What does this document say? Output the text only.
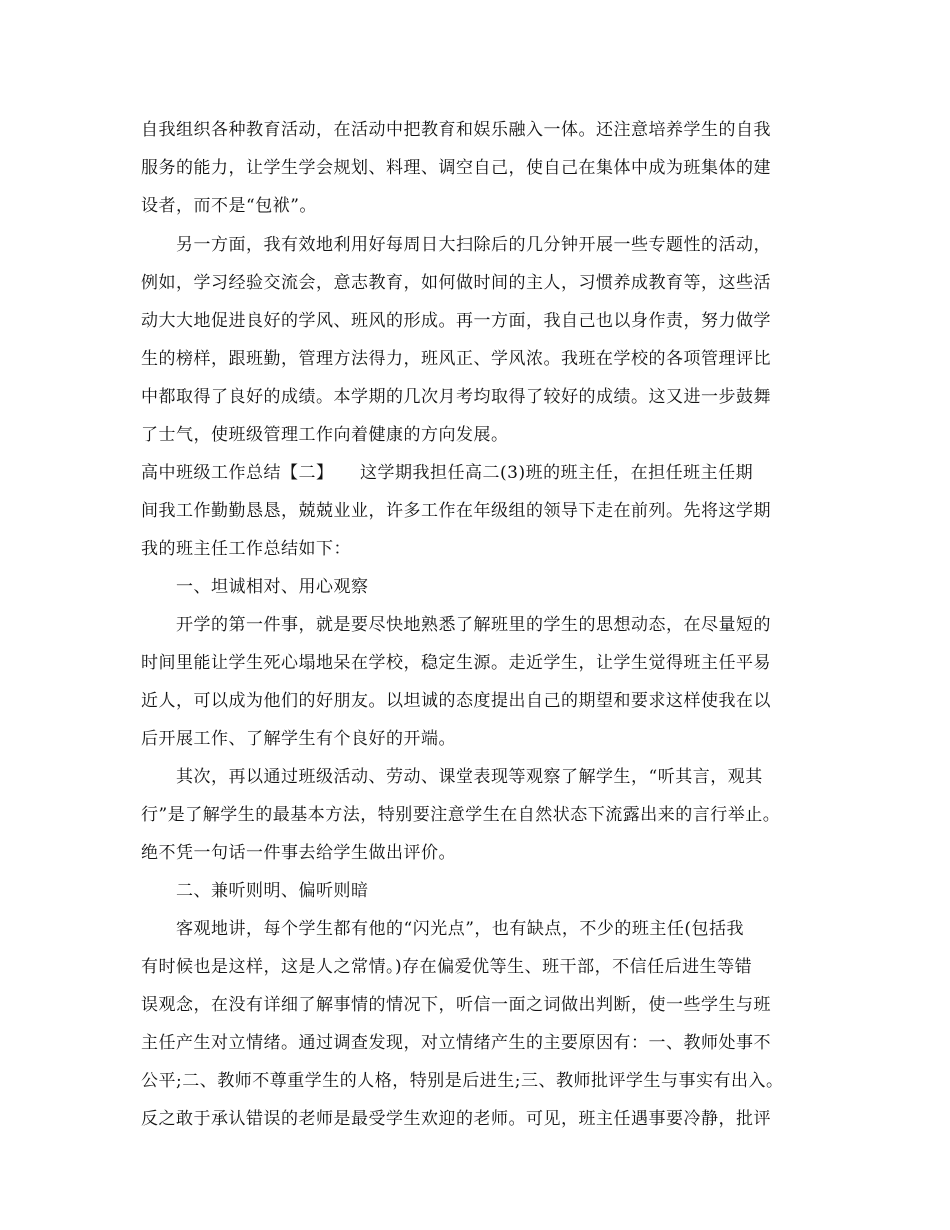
自我组织各种教育活动，在活动中把教育和娱乐融入一体。还注意培养学生的自我

服务的能力，让学生学会规划、料理、调空自己，使自己在集体中成为班集体的建

设者，而不是“包袱”。

另一方面，我有效地利用好每周日大扫除后的几分钟开展一些专题性的活动，

例如，学习经验交流会，意志教育，如何做时间的主人，习惯养成教育等，这些活

动大大地促进良好的学风、班风的形成。再一方面，我自己也以身作责，努力做学

生的榜样，跟班勤，管理方法得力，班风正、学风浓。我班在学校的各项管理评比

中都取得了良好的成绩。本学期的几次月考均取得了较好的成绩。这又进一步鼓舞

了士气，使班级管理工作向着健康的方向发展。

高中班级工作总结【二】　　这学期我担任高二(3)班的班主任，在担任班主任期

间我工作勤勤恳恳，兢兢业业，许多工作在年级组的领导下走在前列。先将这学期

我的班主任工作总结如下：

一、坦诚相对、用心观察

开学的第一件事，就是要尽快地熟悉了解班里的学生的思想动态，在尽量短的

时间里能让学生死心塌地呆在学校，稳定生源。走近学生，让学生觉得班主任平易

近人，可以成为他们的好朋友。以坦诚的态度提出自己的期望和要求这样使我在以

后开展工作、了解学生有个良好的开端。

其次，再以通过班级活动、劳动、课堂表现等观察了解学生，“听其言，观其

行”是了解学生的最基本方法，特别要注意学生在自然状态下流露出来的言行举止。

绝不凭一句话一件事去给学生做出评价。

二、兼听则明、偏听则暗

客观地讲，每个学生都有他的“闪光点”，也有缺点，不少的班主任(包括我

有时候也是这样，这是人之常情。)存在偏爱优等生、班干部，不信任后进生等错

误观念，在没有详细了解事情的情况下，听信一面之词做出判断，使一些学生与班

主任产生对立情绪。通过调查发现，对立情绪产生的主要原因有：一、教师处事不

公平;二、教师不尊重学生的人格，特别是后进生;三、教师批评学生与事实有出入。

反之敢于承认错误的老师是最受学生欢迎的老师。可见，班主任遇事要冷静，批评
